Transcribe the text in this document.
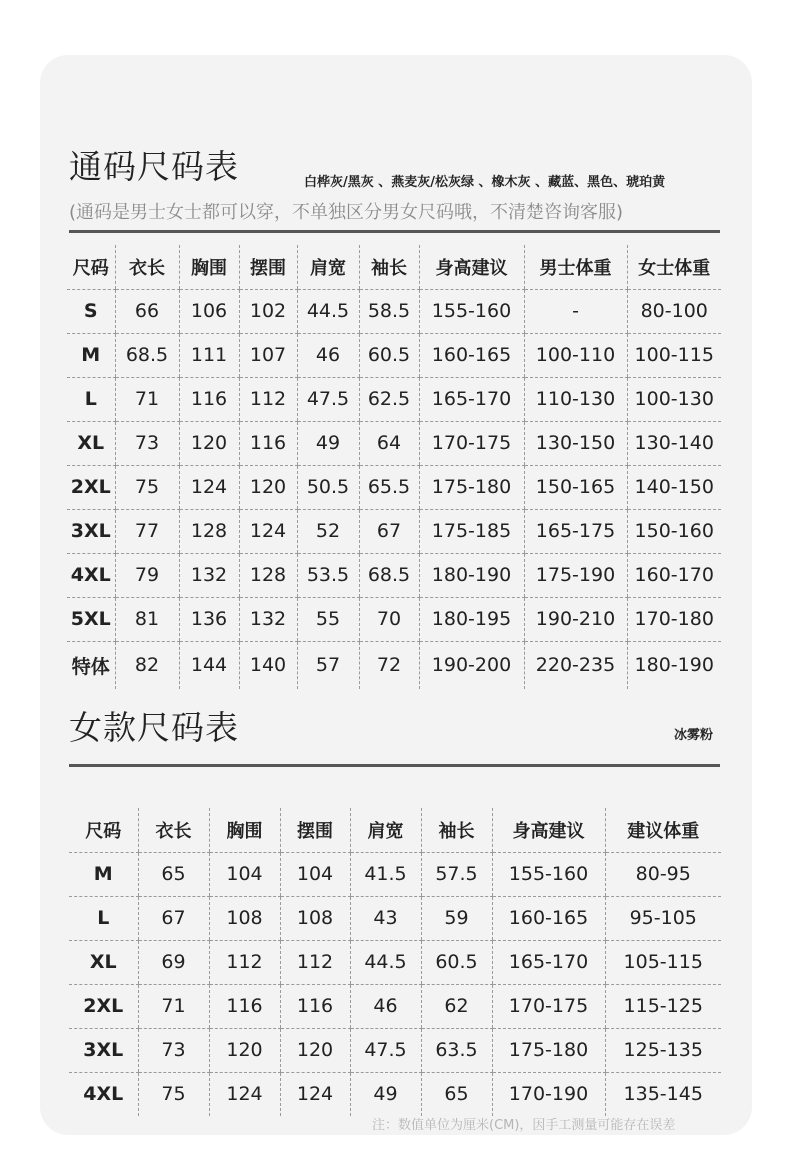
通码尺码表	白桦灰/黑灰 、燕麦灰/松灰绿 、橡木灰 、藏蓝、黑色、琥珀黄
(通码是男士女士都可以穿，不单独区分男女尺码哦，不清楚咨询客服)
尺码	衣长	胸围	摆围	肩宽	袖长	身高建议	男士体重	女士体重
S	66	106	102	44.5	58.5	155-160	-	80-100
M	68.5	111	107	46	60.5	160-165	100-110	100-115
L	71	116	112	47.5	62.5	165-170	110-130	100-130
XL	73	120	116	49	64	170-175	130-150	130-140
2XL	75	124	120	50.5	65.5	175-180	150-165	140-150
3XL	77	128	124	52	67	175-185	165-175	150-160
4XL	79	132	128	53.5	68.5	180-190	175-190	160-170
5XL	81	136	132	55	70	180-195	190-210	170-180
特体	82	144	140	57	72	190-200	220-235	180-190
女款尺码表	冰雾粉
尺码	衣长	胸围	摆围	肩宽	袖长	身高建议	建议体重
M	65	104	104	41.5	57.5	155-160	80-95
L	67	108	108	43	59	160-165	95-105
XL	69	112	112	44.5	60.5	165-170	105-115
2XL	71	116	116	46	62	170-175	115-125
3XL	73	120	120	47.5	63.5	175-180	125-135
4XL	75	124	124	49	65	170-190	135-145
注：数值单位为厘米(CM)，因手工测量可能存在误差
